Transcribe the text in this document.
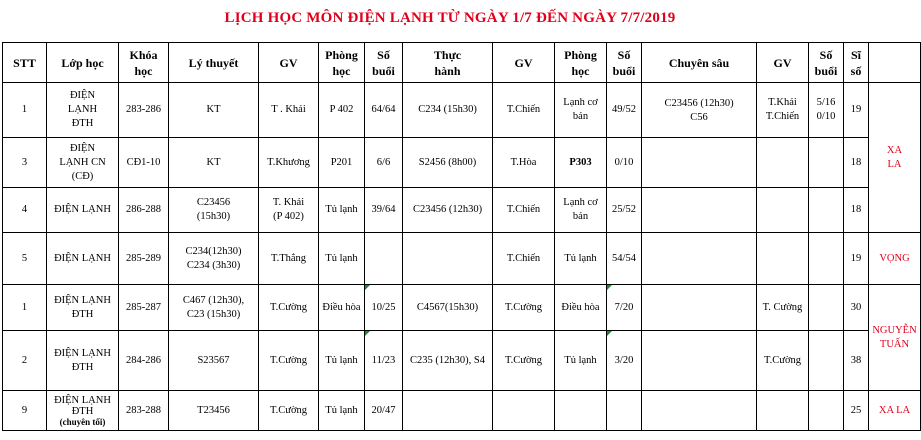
LỊCH HỌC MÔN ĐIỆN LẠNH TỪ NGÀY 1/7 ĐẾN NGÀY 7/7/2019
STT	Lớp học	Khóa
học	Lý thuyết	GV	Phòng
học	Số
buổi	Thực
hành	GV	Phòng
học	Số
buổi	Chuyên sâu	GV	Số
buổi	Sĩ
số	
1	ĐIỆN
LẠNH
ĐTH	283-286	KT	T . Khải	P 402	64/64	C234 (15h30)	T.Chiến	Lạnh cơ
bản	49/52	C23456 (12h30)
C56	T.Khải
T.Chiến	5/16
0/10	19	XA
LA
3	ĐIỆN
LẠNH CN
(CĐ)	CĐ1-10	KT	T.Khương	P201	6/6	S2456 (8h00)	T.Hòa	P303	0/10				18	
4	ĐIỆN LẠNH	286-288	C23456
(15h30)	T. Khải
(P 402)	Tủ lạnh	39/64	C23456 (12h30)	T.Chiến	Lạnh cơ
bản	25/52				18	
5	ĐIỆN LẠNH	285-289	C234(12h30)
C234 (3h30)	T.Thắng	Tủ lạnh			T.Chiến	Tủ lạnh	54/54				19	VỌNG
1	ĐIỆN LẠNH
ĐTH	285-287	C467 (12h30),
C23 (15h30)	T.Cường	Điều hòa	10/25	C4567(15h30)	T.Cường	Điều hòa	7/20		T. Cường		30	NGUYỄN
TUẤN
2	ĐIỆN LẠNH
ĐTH	284-286	S23567	T.Cường	Tủ lạnh	11/23	C235 (12h30), S4	T.Cường	Tủ lạnh	3/20		T.Cường		38	
9	ĐIỆN LẠNH
ĐTH
(chuyên tối)	283-288	T23456	T.Cường	Tủ lạnh	20/47								25	XA LA
